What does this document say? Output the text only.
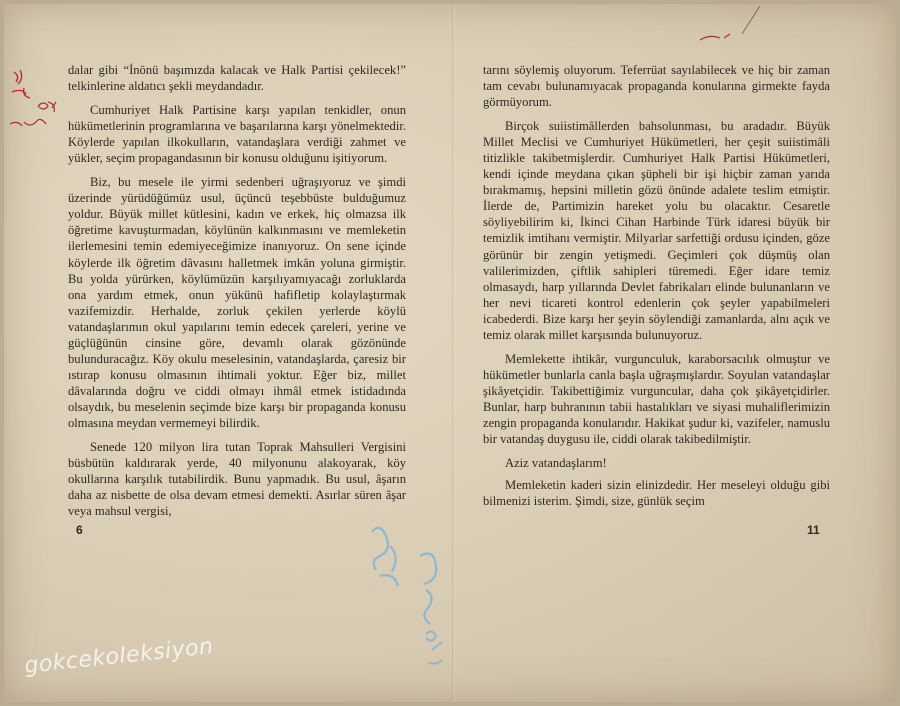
dalar gibi “İnönü başımızda kalacak ve Halk Partisi çekilecek!” telkinlerine aldatıcı şekli meydandadır.

Cumhuriyet Halk Partisine karşı yapılan tenkidler, onun hükümetlerinin programlarına ve başarılarına karşı yönelmektedir. Köylerde yapılan ilkokulların, vatandaşlara verdiği zahmet ve yükler, seçim propagandasının bir konusu olduğunu işitiyorum.

Biz, bu mesele ile yirmi sedenberi uğraşıyoruz ve şimdi üzerinde yürüdüğümüz usul, üçüncü teşebbüste bulduğumuz yoldur. Büyük millet kütlesini, kadın ve erkek, hiç olmazsa ilk öğretime kavuşturmadan, köylünün kalkınmasını ve memleketin ilerlemesini temin edemiyeceğimize inanıyoruz. On sene içinde köylerde ilk öğretim dâvasını halletmek imkân yoluna girmiştir. Bu yolda yürürken, köylümüzün karşılıyamıyacağı zorluklarda ona yardım etmek, onun yükünü hafifletip kolaylaştırmak vazifemizdir. Herhalde, zorluk çekilen yerlerde köylü vatandaşlarımın okul yapılarını temin edecek çareleri, yerine ve güçlüğünün cinsine göre, devamlı olarak gözönünde bulunduracağız. Köy okulu meselesinin, vatandaşlarda, çaresiz bir ıstırap konusu olmasının ihtimali yoktur. Eğer biz, millet dâvalarında doğru ve ciddi olmayı ihmâl etmek istidadında olsaydık, bu meselenin seçimde bize karşı bir propaganda konusu olmasına meydan vermemeyi bilirdik.

Senede 120 milyon lira tutan Toprak Mahsulleri Vergisini büsbütün kaldırarak yerde, 40 milyonunu alakoyarak, köy okullarına karşılık tutabilirdik. Bunu yapmadık. Bu usul, âşarın daha az nisbette de olsa devam etmesi demekti. Asırlar süren âşar veya mahsul vergisi,

6

tarını söylemiş oluyorum. Teferrüat sayılabilecek ve hiç bir zaman tam cevabı bulunamıyacak propaganda konularına girmekte fayda görmüyorum.

Birçok suiistimâllerden bahsolunması, bu aradadır. Büyük Millet Meclisi ve Cumhuriyet Hükümetleri, her çeşit suiistimâli titizlikle takibetmişlerdir. Cumhuriyet Halk Partisi Hükümetleri, kendi içinde meydana çıkan şüpheli bir işi hiçbir zaman yarıda bırakmamış, hepsini milletin gözü önünde adalete teslim etmiştir. İlerde de, Partimizin hareket yolu bu olacaktır. Cesaretle söyliyebilirim ki, İkinci Cihan Harbinde Türk idaresi büyük bir temizlik imtihanı vermiştir. Milyarlar sarfettiği ordusu içinden, göze görünür bir zengin yetişmedi. Geçimleri çok düşmüş olan valilerimizden, çiftlik sahipleri türemedi. Eğer idare temiz olmasaydı, harp yıllarında Devlet fabrikaları elinde bulunanların ve her nevi ticareti kontrol edenlerin çok şeyler yapabilmeleri icabederdi. Bize karşı her şeyin söylendiği zamanlarda, alnı açık ve temiz olarak millet karşısında bulunuyoruz.

Memlekette ihtikâr, vurgunculuk, karaborsacılık olmuştur ve hükümetler bunlarla canla başla uğraşmışlardır. Soyulan vatandaşlar şikâyetçidir. Takibettiğimiz vurguncular, daha çok şikâyetçidirler. Bunlar, harp buhranının tabii hastalıkları ve siyasi muhaliflerimizin zengin propaganda konularıdır. Hakikat şudur ki, vazifeler, namuslu bir vatandaş duygusu ile, ciddi olarak takibedilmiştir.

Aziz vatandaşlarım!

Memleketin kaderi sizin elinizdedir. Her meseleyi olduğu gibi bilmenizi isterim. Şimdi, size, günlük seçim

11
gokcekoleksiyon
